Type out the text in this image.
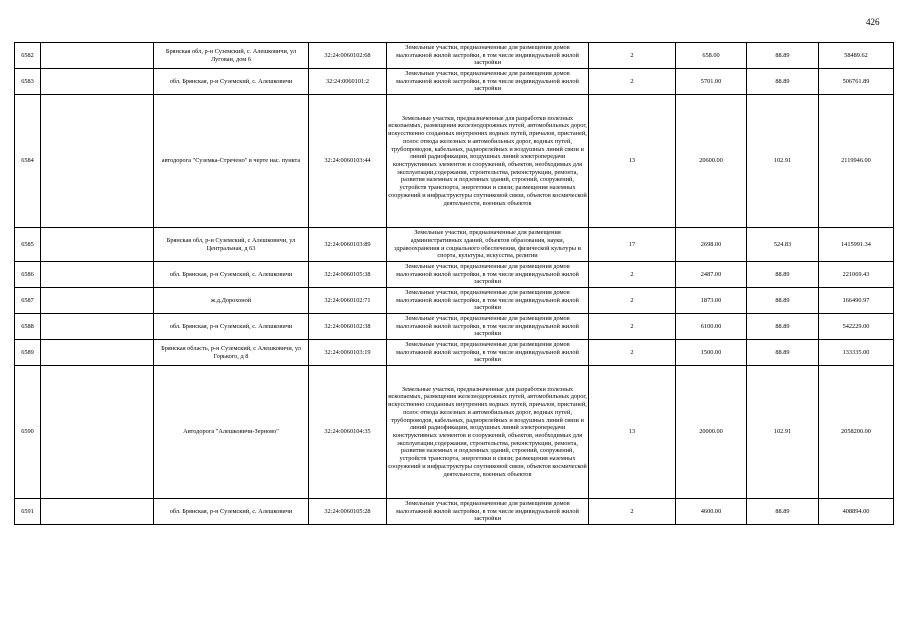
426
6582		Брянская обл, р-н Суземский, с. Алешковичи, ул Лугован, дом 6	32:24:0060102:68	Земельные участки, предназначенные для размещения домов малоэтажной жилой застройки, в том числе индивидуальной жилой застройки	2	658.00	88.89	58489.62
6583		обл. Брянская, р-н Суземский, с. Алешковичи	32:24:0060101:2	Земельные участки, предназначенные для размещения домов малоэтажной жилой застройки, в том числе индивидуальной жилой застройки	2	5701.00	88.89	506761.89
6584		автодорога "Суземка-Стречено" в черте нас. пункта	32:24:0060103:44	Земельные участки, предназначенные для разработки полезных ископаемых, размещения железнодорожных путей, автомобильных дорог, искусственно созданных внутренних водных путей, причалов, пристаней, полос отвода железных и автомобильных дорог, водных путей, трубопроводов, кабельных, радиорелейных и воздушных линий связи и линий радиофикации, воздушных линий электропередачи конструктивных элементов и сооружений, объектов, необходимых для эксплуатации,содержания, строительства, реконструкции, ремонта, развития наземных и подземных зданий, строений, сооружений, устройств транспорта, энергетики и связи; размещения наземных сооружений и инфраструктуры спутниковой связи, объектов космической деятельности, военных объектов	13	20600.00	102.91	2119946.00
6585		Брянская обл, р-н Суземский, с Алешковичи, ул Центральная, д 63	32:24:0060103:89	Земельные участки, предназначенные для размещения административных зданий, объектов образования, науки, здравоохранения и социального обеспечения, физической культуры и спорта, культуры, искусства, религии	17	2698.00	524.83	1415991.34
6586		обл. Брянская, р-н Суземский, с. Алешковичи	32:24:0060105:38	Земельные участки, предназначенные для размещения домов малоэтажной жилой застройки, в том числе индивидуальной жилой застройки	2	2487.00	88.89	221069.43
6587		ж.д.Дорохоной	32:24:0060102:71	Земельные участки, предназначенные для размещения домов малоэтажной жилой застройки, в том числе индивидуальной жилой застройки	2	1873.00	88.89	166490.97
6588		обл. Брянская, р-н Суземский, с. Алешковичи	32:24:0060102:38	Земельные участки, предназначенные для размещения домов малоэтажной жилой застройки, в том числе индивидуальной жилой застройки	2	6100.00	88.89	542229.00
6589		Брянская область, р-н Суземский, с Алешковичи, ул Горького, д 8	32:24:0060103:19	Земельные участки, предназначенные для размещения домов малоэтажной жилой застройки, в том числе индивидуальной жилой застройки	2	1500.00	88.89	133335.00
6590		Автодорога "Алешковичи-Зерново"	32:24:0060104:35	Земельные участки, предназначенные для разработки полезных ископаемых, размещения железнодорожных путей, автомобильных дорог, искусственно созданных внутренних водных путей, причалов, пристаней, полос отвода железных и автомобильных дорог, водных путей, трубопроводов, кабельных, радиорелейных и воздушных линий связи и линий радиофикации, воздушных линий электропередачи конструктивных элементов и сооружений, объектов, необходимых для эксплуатации,содержания, строительства, реконструкции, ремонта, развития наземных и подземных зданий, строений, сооружений, устройств транспорта, энергетики и связи; размещения наземных сооружений и инфраструктуры спутниковой связи, объектов космической деятельности, военных объектов	13	20000.00	102.91	2058200.00
6591		обл. Брянская, р-н Суземский, с. Алешковичи	32:24:0060105:28	Земельные участки, предназначенные для размещения домов малоэтажной жилой застройки, в том числе индивидуальной жилой застройки	2	4600.00	88.89	408894.00
